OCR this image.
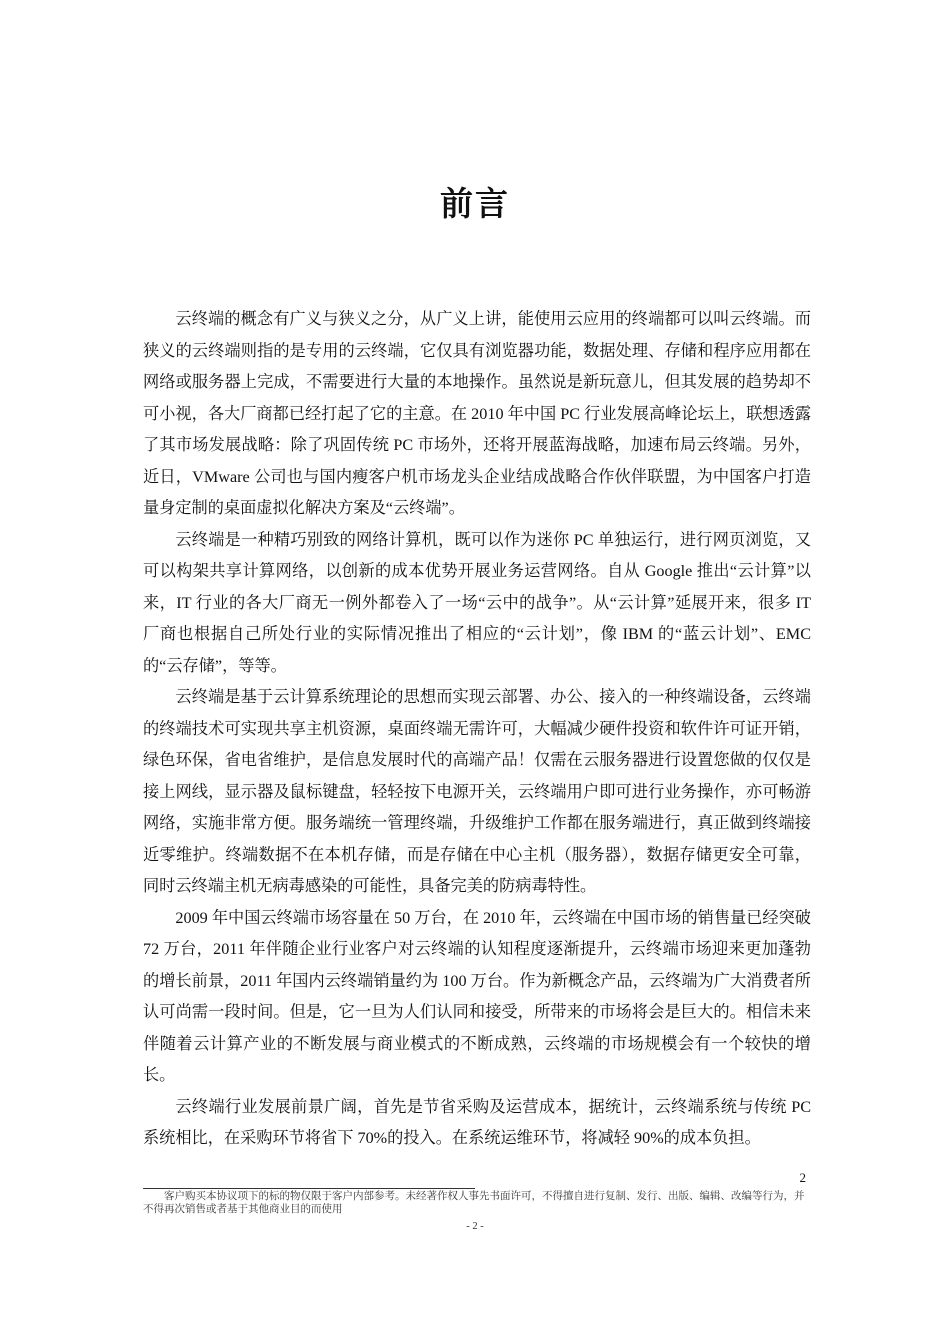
前言

云终端的概念有广义与狭义之分，从广义上讲，能使用云应用的终端都可以叫云终端。而狭义的云终端则指的是专用的云终端，它仅具有浏览器功能，数据处理、存储和程序应用都在网络或服务器上完成，不需要进行大量的本地操作。虽然说是新玩意儿，但其发展的趋势却不可小视，各大厂商都已经打起了它的主意。在 2010 年中国 PC 行业发展高峰论坛上，联想透露了其市场发展战略：除了巩固传统 PC 市场外，还将开展蓝海战略，加速布局云终端。另外，近日，VMware 公司也与国内瘦客户机市场龙头企业结成战略合作伙伴联盟，为中国客户打造量身定制的桌面虚拟化解决方案及“云终端”。

云终端是一种精巧别致的网络计算机，既可以作为迷你 PC 单独运行，进行网页浏览，又可以构架共享计算网络，以创新的成本优势开展业务运营网络。自从 Google 推出“云计算”以来，IT 行业的各大厂商无一例外都卷入了一场“云中的战争”。从“云计算”延展开来，很多 IT 厂商也根据自己所处行业的实际情况推出了相应的“云计划”，像 IBM 的“蓝云计划”、EMC 的“云存储”，等等。

云终端是基于云计算系统理论的思想而实现云部署、办公、接入的一种终端设备，云终端的终端技术可实现共享主机资源，桌面终端无需许可，大幅减少硬件投资和软件许可证开销，绿色环保，省电省维护，是信息发展时代的高端产品！仅需在云服务器进行设置您做的仅仅是接上网线，显示器及鼠标键盘，轻轻按下电源开关，云终端用户即可进行业务操作，亦可畅游网络，实施非常方便。服务端统一管理终端，升级维护工作都在服务端进行，真正做到终端接近零维护。终端数据不在本机存储，而是存储在中心主机（服务器），数据存储更安全可靠，同时云终端主机无病毒感染的可能性，具备完美的防病毒特性。

2009 年中国云终端市场容量在 50 万台，在 2010 年，云终端在中国市场的销售量已经突破 72 万台，2011 年伴随企业行业客户对云终端的认知程度逐渐提升，云终端市场迎来更加蓬勃的增长前景，2011 年国内云终端销量约为 100 万台。作为新概念产品，云终端为广大消费者所认可尚需一段时间。但是，它一旦为人们认同和接受，所带来的市场将会是巨大的。相信未来伴随着云计算产业的不断发展与商业模式的不断成熟，云终端的市场规模会有一个较快的增长。

云终端行业发展前景广阔，首先是节省采购及运营成本，据统计，云终端系统与传统 PC 系统相比，在采购环节将省下 70%的投入。在系统运维环节，将减轻 90%的成本负担。

2
客户购买本协议项下的标的物仅限于客户内部参考。未经著作权人事先书面许可，不得擅自进行复制、发行、出版、编辑、改编等行为，并不得再次销售或者基于其他商业目的而使用
- 2 -
